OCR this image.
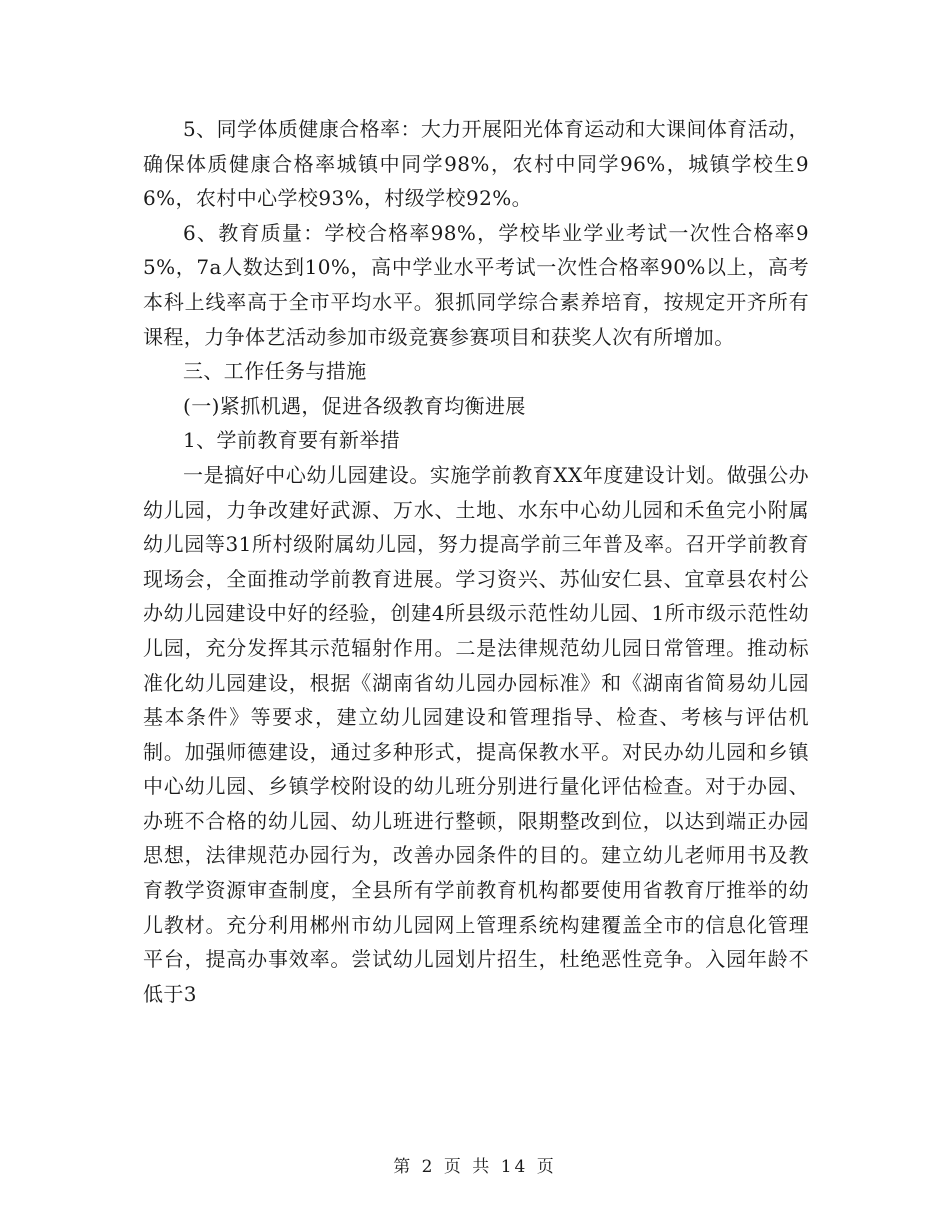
5、同学体质健康合格率：大力开展阳光体育运动和大课间体育活动，确保体质健康合格率城镇中同学98%，农村中同学96%，城镇学校生96%，农村中心学校93%，村级学校92%。

6、教育质量：学校合格率98%，学校毕业学业考试一次性合格率95%，7a人数达到10%，高中学业水平考试一次性合格率90%以上，高考本科上线率高于全市平均水平。狠抓同学综合素养培育，按规定开齐所有课程，力争体艺活动参加市级竞赛参赛项目和获奖人次有所增加。

三、工作任务与措施

(一)紧抓机遇，促进各级教育均衡进展

1、学前教育要有新举措

一是搞好中心幼儿园建设。实施学前教育XX年度建设计划。做强公办幼儿园，力争改建好武源、万水、土地、水东中心幼儿园和禾鱼完小附属幼儿园等31所村级附属幼儿园，努力提高学前三年普及率。召开学前教育现场会，全面推动学前教育进展。学习资兴、苏仙安仁县、宜章县农村公办幼儿园建设中好的经验，创建4所县级示范性幼儿园、1所市级示范性幼儿园，充分发挥其示范辐射作用。二是法律规范幼儿园日常管理。推动标准化幼儿园建设，根据《湖南省幼儿园办园标准》和《湖南省简易幼儿园基本条件》等要求，建立幼儿园建设和管理指导、检查、考核与评估机制。加强师德建设，通过多种形式，提高保教水平。对民办幼儿园和乡镇中心幼儿园、乡镇学校附设的幼儿班分别进行量化评估检查。对于办园、办班不合格的幼儿园、幼儿班进行整顿，限期整改到位，以达到端正办园思想，法律规范办园行为，改善办园条件的目的。建立幼儿老师用书及教育教学资源审查制度，全县所有学前教育机构都要使用省教育厅推举的幼儿教材。充分利用郴州市幼儿园网上管理系统构建覆盖全市的信息化管理平台，提高办事效率。尝试幼儿园划片招生，杜绝恶性竞争。入园年龄不低于3

第 2 页 共 14 页
